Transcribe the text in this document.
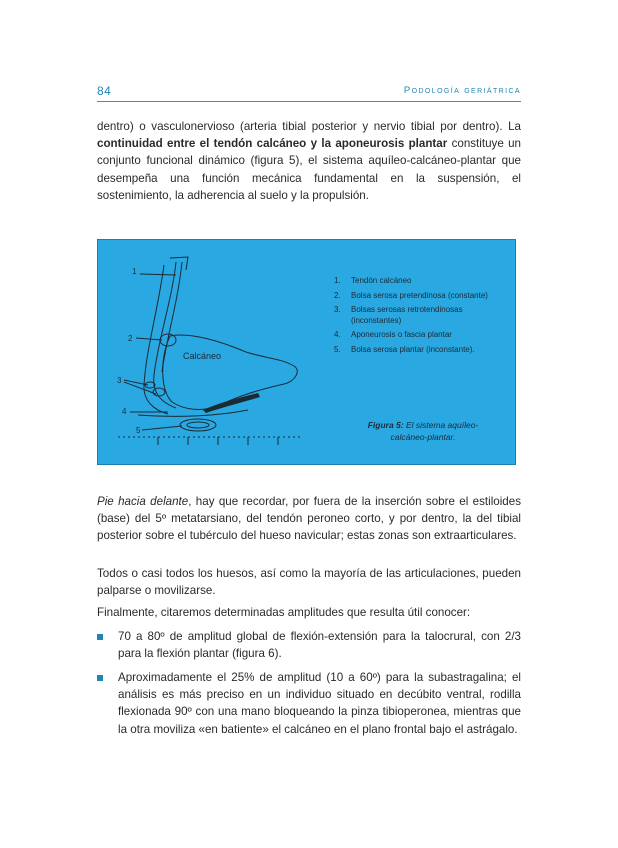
84	Podología geriátrica
dentro) o vasculonervioso (arteria tibial posterior y nervio tibial por dentro). La continuidad entre el tendón calcáneo y la aponeurosis plantar constituye un conjunto funcional dinámico (figura 5), el sistema aquíleo-calcáneo-plantar que desempeña una función mecánica fundamental en la suspensión, el sostenimiento, la adherencia al suelo y la propulsión.
Calcáneo
1
2
3
4
5
1. Tendón calcáneo
2. Bolsa serosa pretendinosa (constante)
3. Bolsas serosas retrotendinosas (inconstantes)
4. Aponeurosis o fascia plantar
5. Bolsa serosa plantar (inconstante).
Figura 5: El sistema aquíleo-calcáneo-plantar.
Pie hacia delante, hay que recordar, por fuera de la inserción sobre el estiloides (base) del 5º metatarsiano, del tendón peroneo corto, y por dentro, la del tibial posterior sobre el tubérculo del hueso navicular; estas zonas son extraarticulares.
Todos o casi todos los huesos, así como la mayoría de las articulaciones, pueden palparse o movilizarse.
Finalmente, citaremos determinadas amplitudes que resulta útil conocer:
70 a 80º de amplitud global de flexión-extensión para la talocrural, con 2/3 para la flexión plantar (figura 6).
Aproximadamente el 25% de amplitud (10 a 60º) para la subastragalina; el análisis es más preciso en un individuo situado en decúbito ventral, rodilla flexionada 90º con una mano bloqueando la pinza tibioperonea, mientras que la otra moviliza «en batiente» el calcáneo en el plano frontal bajo el astrágalo.
